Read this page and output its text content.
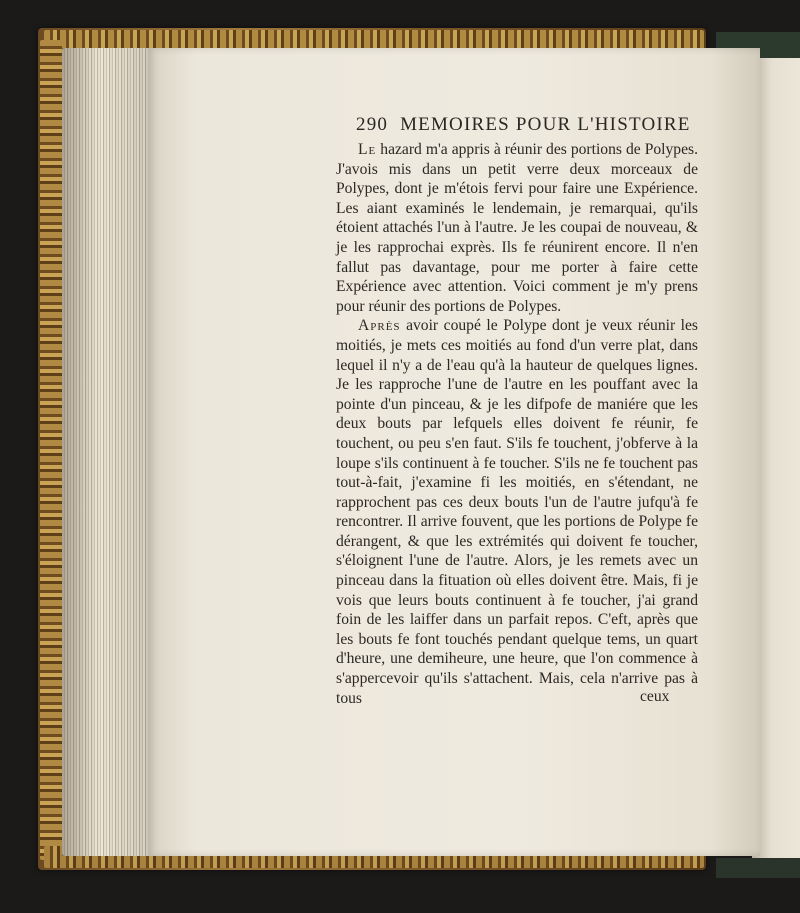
290 MEMOIRES POUR L'HISTOIRE

Le hazard m'a appris à réunir des portions de Polypes. J'avois mis dans un petit verre deux morceaux de Polypes, dont je m'étois fervi pour faire une Expérience. Les aiant examinés le lendemain, je remarquai, qu'ils étoient attachés l'un à l'autre. Je les coupai de nouveau, & je les rapprochai exprès. Ils fe réunirent encore. Il n'en fallut pas davantage, pour me porter à faire cette Expérience avec attention. Voici comment je m'y prens pour réunir des portions de Polypes.

Après avoir coupé le Polype dont je veux réunir les moitiés, je mets ces moitiés au fond d'un verre plat, dans lequel il n'y a de l'eau qu'à la hauteur de quelques lignes. Je les rapproche l'une de l'autre en les pouffant avec la pointe d'un pinceau, & je les difpofe de maniére que les deux bouts par lefquels elles doivent fe réunir, fe touchent, ou peu s'en faut. S'ils fe touchent, j'obferve à la loupe s'ils continuent à fe toucher. S'ils ne fe touchent pas tout-à-fait, j'examine fi les moitiés, en s'étendant, ne rapprochent pas ces deux bouts l'un de l'autre jufqu'à fe rencontrer. Il arrive fouvent, que les portions de Polype fe dérangent, & que les extrémités qui doivent fe toucher, s'éloignent l'une de l'autre. Alors, je les remets avec un pinceau dans la fituation où elles doivent être. Mais, fi je vois que leurs bouts continuent à fe toucher, j'ai grand foin de les laiffer dans un parfait repos. C'eft, après que les bouts fe font touchés pendant quelque tems, un quart d'heure, une demiheure, une heure, que l'on commence à s'appercevoir qu'ils s'attachent. Mais, cela n'arrive pas à tous	ceux
